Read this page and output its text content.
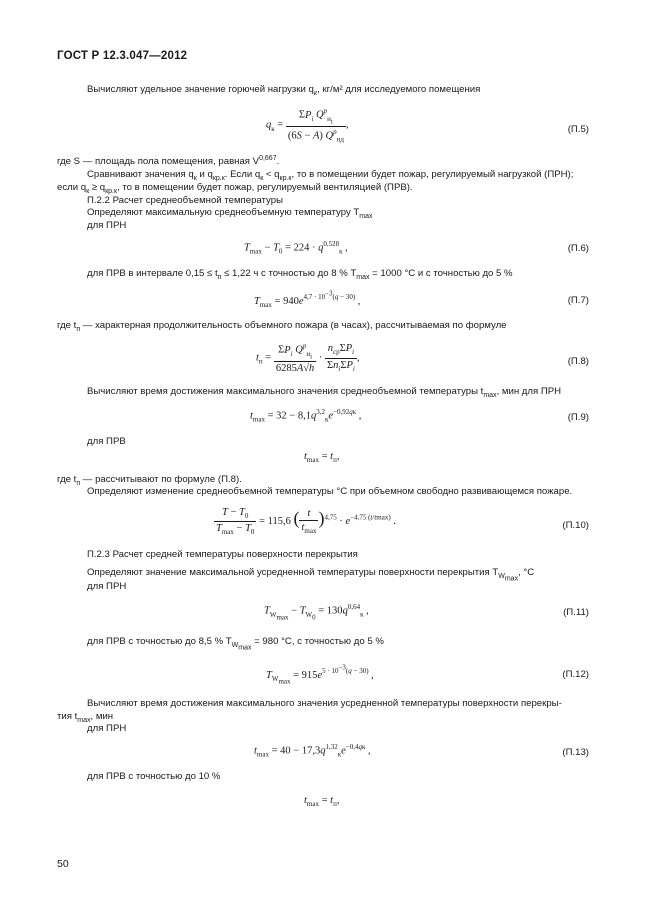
ГОСТ Р 12.3.047—2012
Вычисляют удельное значение горючей нагрузки $q_к$, кг/м² для исследуемого помещения
$q_к = \frac{\Sigma P_i Q^p_{н_i}}{(6S - A) Q^p_{нд}}$ ,	(П.5)
где S — площадь пола помещения, равная V$^{0,667}$.
Сравнивают значения $q_к$ и $q_{кр.к}$. Если $q_к < q_{кр.к}$, то в помещении будет пожар, регулируемый нагрузкой (ПРН);
если $q_к \ge q_{кр.к}$, то в помещении будет пожар, регулируемый вентиляцией (ПРВ).
П.2.2 Расчет среднеобъемной температуры
Определяют максимальную среднеобъемную температуру $T_{max}$
для ПРН
$T_{max} - T_0 = 224 \cdot q^{0,528}_к$ ,	(П.6)
для ПРВ в интервале $0,15 \le t_п \le 1,22$ ч с точностью до 8 % $T_{max} = 1000$ °С и с точностью до 5 %
$T_{max} = 940e^{4,7 \cdot 10^{-3}(q - 30)}$ ,	(П.7)
где $t_п$ — характерная продолжительность объемного пожара (в часах), рассчитываемая по формуле
$t_п = \frac{\Sigma P_i Q^p_{н_i}}{6285A√h} \cdot \frac{n_{ср}\Sigma P_i}{\Sigma n_i\Sigma P_i}$ ,	(П.8)
Вычисляют время достижения максимального значения среднеобъемной температуры $t_{max}$, мин для ПРН
$t_{max} = 32 - 8,1q^{3,2}_кe^{-0,92qк}$ ,	(П.9)
для ПРВ
$t_{max} = t_п$,
где $t_п$ — рассчитывают по формуле (П.8).
Определяют изменение среднеобъемной температуры °С при объемном свободно развивающемся пожаре.
$\frac{T - T_0}{T_{max} - T_0} = 115,6$ ( $\frac{t}{t_{max}} )^{4,75} \cdot e^{-4,75 (t/tmax)}$ .	(П.10)
П.2.3 Расчет средней температуры поверхности перекрытия
Определяют значение максимальной усредненной температуры поверхности перекрытия $T_{W_{max}}$, °С
для ПРН
$T_{W_{max}} - T_{W_0} = 130q^{0,64}_к$ ,	(П.11)
для ПРВ с точностью до 8,5 % $T_{W_{max}} = 980$ °С, с точностью до 5 %
$T_{W_{max}} = 915e^{5 \cdot 10^{-3}(q - 30)}$ ,	(П.12)
Вычисляют время достижения максимального значения усредненной температуры поверхности перекры-
тия $t_{max}$, мин
для ПРН
$t_{max} = 40 - 17,3q^{1,32}_кe^{-0,4qк}$ ,	(П.13)
для ПРВ с точностью до 10 %
$t_{max} = t_п$,
50
